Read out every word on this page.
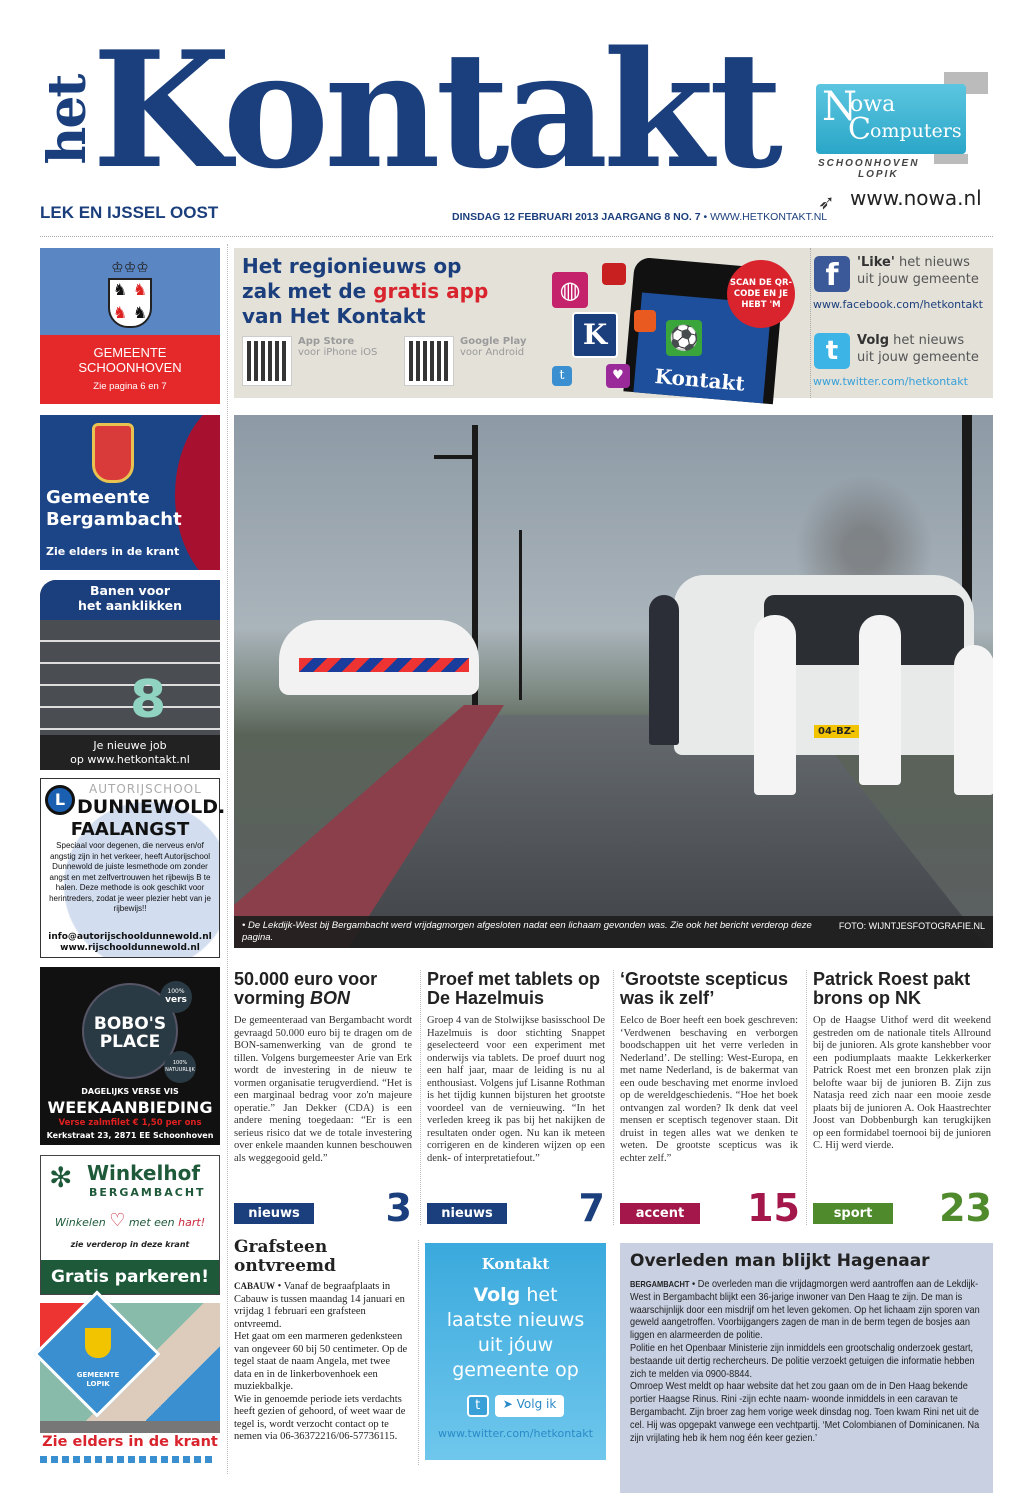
het
Kontakt
LEK EN IJSSEL OOST	DINSDAG 12 FEBRUARI 2013 JAARGANG 8 NO. 7 • WWW.HETKONTAKT.NL
N
owa
C omputers
SCHOONHOVEN
LOPIK
➶ www.nowa.nl
♔♔♔
♞ ♞
♞ ♞
GEMEENTE
SCHOONHOVEN
Zie pagina 6 en 7
Gemeente
Bergambacht
Zie elders in de krant
Banen voor
het aanklikken
8
Je nieuwe job
op www.hetkontakt.nl
L
AUTORIJSCHOOL
DUNNEWOLD.
FAALANGST
Speciaal voor degenen, die nerveus en/of angstig zijn in het verkeer, heeft Autorijschool Dunnewold de juiste lesmethode om zonder angst en met zelfvertrouwen het rijbewijs B te halen. Deze methode is ook geschikt voor herintreders, zodat je weer plezier hebt van je rijbewijs!!
info@autorijschooldunnewold.nl
www.rijschooldunnewold.nl
100%
vers
BOBO'S
PLACE
100%
NATUURLIJK
DAGELIJKS VERSE VIS
WEEKAANBIEDING
Verse zalmfilet € 1,50 per ons
Kerkstraat 23, 2871 EE Schoonhoven
✻ Winkelhof
BERGAMBACHT
Winkelen ♡ met een hart!
zie verderop in deze krant
Gratis parkeren!
GEMEENTE
LOPIK
Zie elders in de krant
Het regionieuws op
zak met de gratis app
van Het Kontakt
App Store
voor iPhone iOS
Google Play
voor Android
Kontakt
◍
K
t	♥
⚽
SCAN DE QR-CODE EN JE HEBT 'M
f	'Like' het nieuws
uit jouw gemeente
www.facebook.com/hetkontakt
t	Volg het nieuws
uit jouw gemeente
www.twitter.com/hetkontakt
04-BZ-
• De Lekdijk-West bij Bergambacht werd vrijdagmorgen afgesloten nadat een lichaam gevonden was. Zie ook het bericht verderop deze pagina.
FOTO: WIJNTJESFOTOGRAFIE.NL
50.000 euro voor vorming BON

De gemeenteraad van Bergambacht wordt gevraagd 50.000 euro bij te dragen om de BON-samenwerking van de grond te tillen. Volgens burgemeester Arie van Erk wordt de investering in de nieuw te vormen organisatie terugverdiend. “Het is een marginaal bedrag voor zo'n majeure operatie.” Jan Dekker (CDA) is een andere mening toegedaan: “Er is een serieus risico dat we de totale investering over enkele maanden kunnen beschouwen als weggegooid geld.”

Proef met tablets op De Hazelmuis

Groep 4 van de Stolwijkse basisschool De Hazelmuis is door stichting Snappet geselecteerd voor een experiment met onderwijs via tablets. De proef duurt nog een half jaar, maar de leiding is nu al enthousiast. Volgens juf Lisanne Rothman is het tijdig kunnen bijsturen het grootste voordeel van de vernieuwing. “In het verleden kreeg ik pas bij het nakijken de resultaten onder ogen. Nu kan ik meteen corrigeren en de kinderen wijzen op een denk- of interpretatiefout.”

‘Grootste scepticus was ik zelf’

Eelco de Boer heeft een boek geschreven: ‘Verdwenen beschaving en verborgen boodschappen uit het verre verleden in Nederland’. De stelling: West-Europa, en met name Nederland, is de bakermat van een oude beschaving met enorme invloed op de wereldgeschiedenis. “Hoe het boek ontvangen zal worden? Ik denk dat veel mensen er sceptisch tegenover staan. Dit druist in tegen alles wat we denken te weten. De grootste scepticus was ik echter zelf.”

Patrick Roest pakt brons op NK

Op de Haagse Uithof werd dit weekend gestreden om de nationale titels Allround bij de junioren. Als grote kanshebber voor een podiumplaats maakte Lekkerkerker Patrick Roest met een bronzen plak zijn belofte waar bij de junioren B. Zijn zus Natasja reed zich naar een mooie zesde plaats bij de junioren A. Ook Haastrechter Joost van Dobbenburgh kan terugkijken op een formidabel toernooi bij de junioren C. Hij werd vierde.

nieuws	3	nieuws	7	accent	15	sport	23
Grafsteen ontvreemd

CABAUW • Vanaf de begraafplaats in Cabauw is tussen maandag 14 januari en vrijdag 1 februari een grafsteen ontvreemd.
Het gaat om een marmeren gedenksteen van ongeveer 60 bij 50 centimeter. Op de tegel staat de naam Angela, met twee data en in de linkerbovenhoek een muziekbalkje.
Wie in genoemde periode iets verdachts heeft gezien of gehoord, of weet waar de tegel is, wordt verzocht contact op te nemen via 06-36372216/06-57736115.

Kontakt
Volg het
laatste nieuws
uit jóuw
gemeente op
t	➤ Volg ik
www.twitter.com/hetkontakt
Overleden man blijkt Hagenaar

BERGAMBACHT • De overleden man die vrijdagmorgen werd aantroffen aan de Lekdijk-West in Bergambacht blijkt een 36-jarige inwoner van Den Haag te zijn. De man is waarschijnlijk door een misdrijf om het leven gekomen. Op het lichaam zijn sporen van geweld aangetroffen. Voorbijgangers zagen de man in de berm tegen de bosjes aan liggen en alarmeerden de politie.
Politie en het Openbaar Ministerie zijn inmiddels een grootschalig onderzoek gestart, bestaande uit dertig rechercheurs. De politie verzoekt getuigen die informatie hebben zich te melden via 0900-8844.
Omroep West meldt op haar website dat het zou gaan om de in Den Haag bekende portier Haagse Rinus. Rini -zijn echte naam- woonde inmiddels in een caravan te Bergambacht. Zijn broer zag hem vorige week dinsdag nog. Toen kwam Rini net uit de cel. Hij was opgepakt vanwege een vechtpartij. ‘Met Colombianen of Dominicanen. Na zijn vrijlating heb ik hem nog één keer gezien.’
